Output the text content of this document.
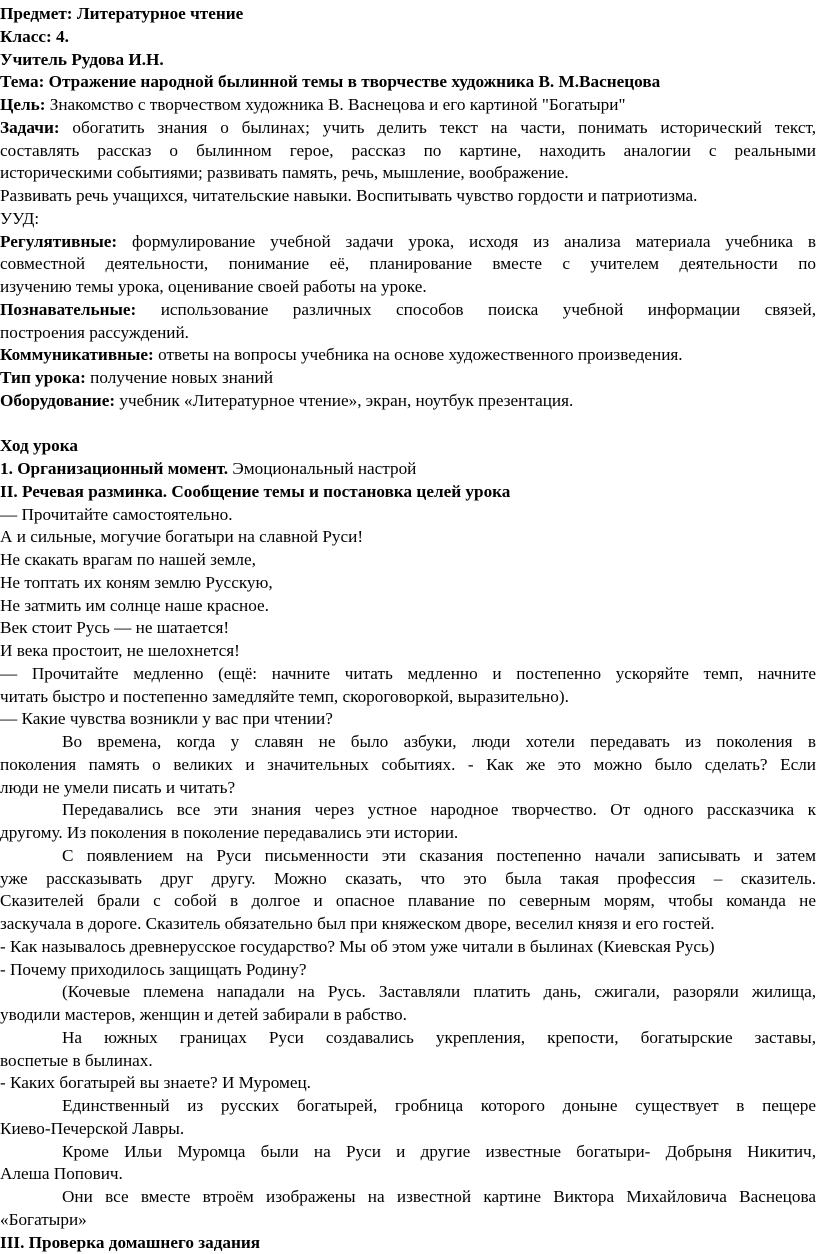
Предмет: Литературное чтение
Класс: 4.
Учитель Рудова И.Н.
Тема: Отражение народной былинной темы в творчестве художника В. М.Васнецова
Цель: Знакомство с творчеством художника В. Васнецова и его картиной "Богатыри"
Задачи: обогатить знания о былинах; учить делить текст на части, понимать исторический текст,
составлять рассказ о былинном герое, рассказ по картине, находить аналогии с реальными
историческими событиями; развивать память, речь, мышление, воображение.
Развивать речь учащихся, читательские навыки. Воспитывать чувство гордости и патриотизма.
УУД:
Регулятивные: формулирование учебной задачи урока, исходя из анализа материала учебника в
совместной деятельности, понимание её, планирование вместе с учителем деятельности по
изучению темы урока, оценивание своей работы на уроке.
Познавательные: использование различных способов поиска учебной информации связей,
построения рассуждений.
Коммуникативные: ответы на вопросы учебника на основе художественного произведения.
Тип урока: получение новых знаний
Оборудование: учебник «Литературное чтение», экран, ноутбук презентация.
Ход урока
1. Организационный момент. Эмоциональный настрой
II. Речевая разминка. Сообщение темы и постановка целей урока
— Прочитайте самостоятельно.
А и сильные, могучие богатыри на славной Руси!
Не скакать врагам по нашей земле,
Не топтать их коням землю Русскую,
Не затмить им солнце наше красное.
Век стоит Русь — не шатается!
И века простоит, не шелохнется!
— Прочитайте медленно (ещё: начните читать медленно и постепенно ускоряйте темп, начните
читать быстро и постепенно замедляйте темп, скороговоркой, выразительно).
— Какие чувства возникли у вас при чтении?
Во времена, когда у славян не было азбуки, люди хотели передавать из поколения в
поколения память о великих и значительных событиях. - Как же это можно было сделать? Если
люди не умели писать и читать?
Передавались все эти знания через устное народное творчество. От одного рассказчика к
другому. Из поколения в поколение передавались эти истории.
С появлением на Руси письменности эти сказания постепенно начали записывать и затем
уже рассказывать друг другу. Можно сказать, что это была такая профессия – сказитель.
Сказителей брали с собой в долгое и опасное плавание по северным морям, чтобы команда не
заскучала в дороге. Сказитель обязательно был при княжеском дворе, веселил князя и его гостей.
- Как называлось древнерусское государство? Мы об этом уже читали в былинах (Киевская Русь)
- Почему приходилось защищать Родину?
(Кочевые племена нападали на Русь. Заставляли платить дань, сжигали, разоряли жилища,
уводили мастеров, женщин и детей забирали в рабство.
На южных границах Руси создавались укрепления, крепости, богатырские заставы,
воспетые в былинах.
- Каких богатырей вы знаете? И Муромец.
Единственный из русских богатырей, гробница которого доныне существует в пещере
Киево-Печерской Лавры.
Кроме Ильи Муромца были на Руси и другие известные богатыри- Добрыня Никитич,
Алеша Попович.
Они все вместе втроём изображены на известной картине Виктора Михайловича Васнецова
«Богатыри»
III. Проверка домашнего задания
